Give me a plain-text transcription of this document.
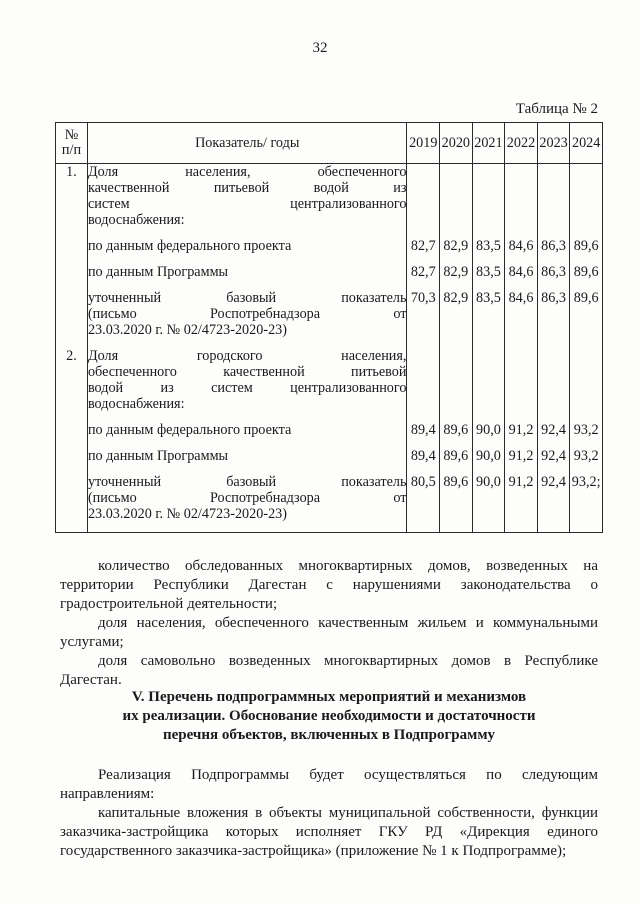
32
Таблица № 2
№
п/п	Показатель/ годы	2019	2020	2021	2022	2023	2024
1.	Доля населения, обеспеченного
качественной питьевой водой из
систем централизованного
водоснабжения:						

	по данным федерального проекта	82,7	82,9	83,5	84,6	86,3	89,6

	по данным Программы	82,7	82,9	83,5	84,6	86,3	89,6

	уточненный базовый показатель
(письмо Роспотребнадзора от
23.03.2020 г. № 02/4723-2020-23)	70,3	82,9	83,5	84,6	86,3	89,6

2.	Доля городского населения,
обеспеченного качественной питьевой
водой из систем централизованного
водоснабжения:						

	по данным федерального проекта	89,4	89,6	90,0	91,2	92,4	93,2

	по данным Программы	89,4	89,6	90,0	91,2	92,4	93,2

	уточненный базовый показатель
(письмо Роспотребнадзора от
23.03.2020 г. № 02/4723-2020-23)	80,5	89,6	90,0	91,2	92,4	93,2;

количество обследованных многоквартирных домов, возведенных на
территории Республики Дагестан с нарушениями законодательства о
градостроительной деятельности;

доля населения, обеспеченного качественным жильем и коммунальными
услугами;

доля самовольно возведенных многоквартирных домов в Республике
Дагестан.

V. Перечень подпрограммных мероприятий и механизмов
их реализации. Обоснование необходимости и достаточности
перечня объектов, включенных в Подпрограмму

Реализация Подпрограммы будет осуществляться по следующим
направлениям:

капитальные вложения в объекты муниципальной собственности, функции
заказчика-застройщика которых исполняет ГКУ РД «Дирекция единого
государственного заказчика-застройщика» (приложение № 1 к Подпрограмме);
